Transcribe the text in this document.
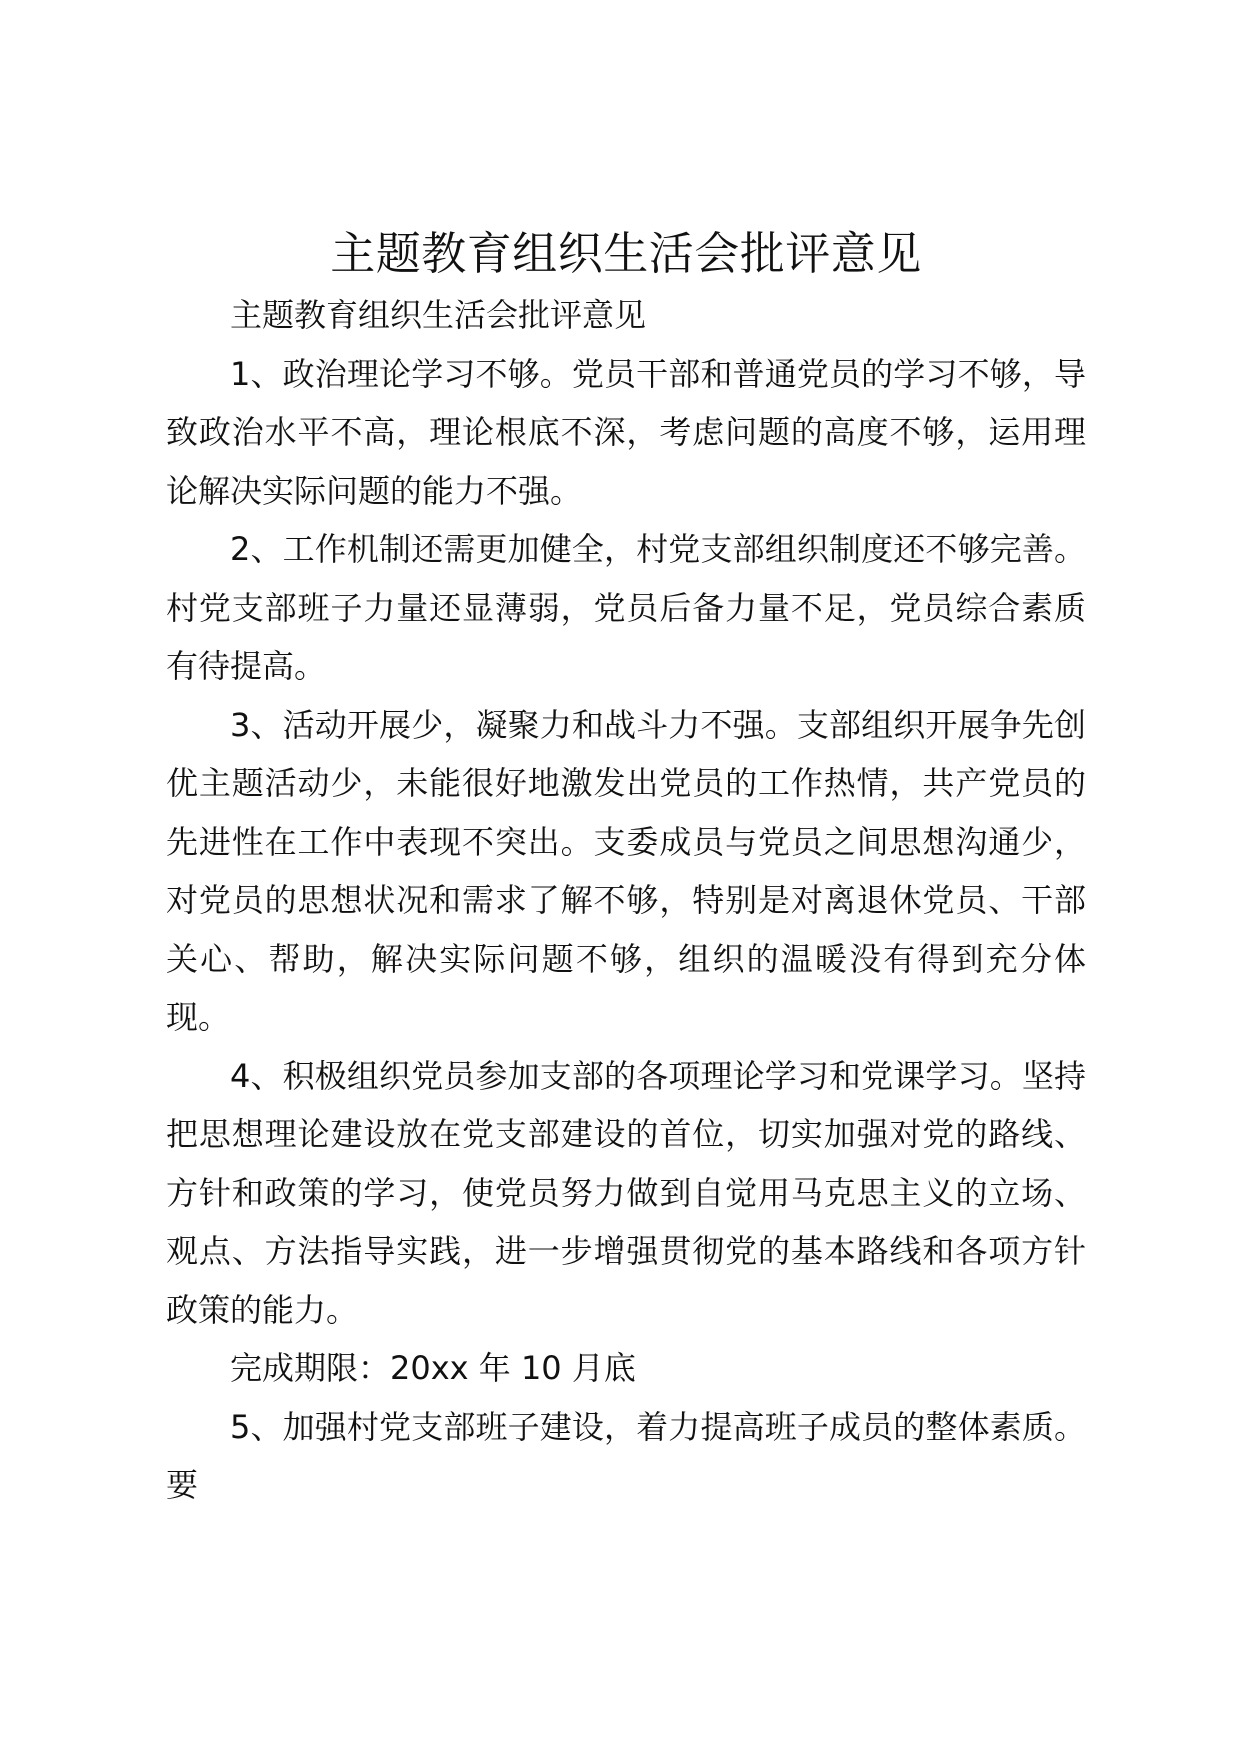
主题教育组织生活会批评意见

主题教育组织生活会批评意见

1、政治理论学习不够。党员干部和普通党员的学习不够，导致政治水平不高，理论根底不深，考虑问题的高度不够，运用理论解决实际问题的能力不强。

2、工作机制还需更加健全，村党支部组织制度还不够完善。村党支部班子力量还显薄弱，党员后备力量不足，党员综合素质有待提高。

3、活动开展少，凝聚力和战斗力不强。支部组织开展争先创优主题活动少，未能很好地激发出党员的工作热情，共产党员的先进性在工作中表现不突出。支委成员与党员之间思想沟通少，对党员的思想状况和需求了解不够，特别是对离退休党员、干部关心、帮助，解决实际问题不够，组织的温暖没有得到充分体现。

4、积极组织党员参加支部的各项理论学习和党课学习。坚持把思想理论建设放在党支部建设的首位，切实加强对党的路线、方针和政策的学习，使党员努力做到自觉用马克思主义的立场、观点、方法指导实践，进一步增强贯彻党的基本路线和各项方针政策的能力。

完成期限：20xx 年 10 月底

5、加强村党支部班子建设，着力提高班子成员的整体素质。要
